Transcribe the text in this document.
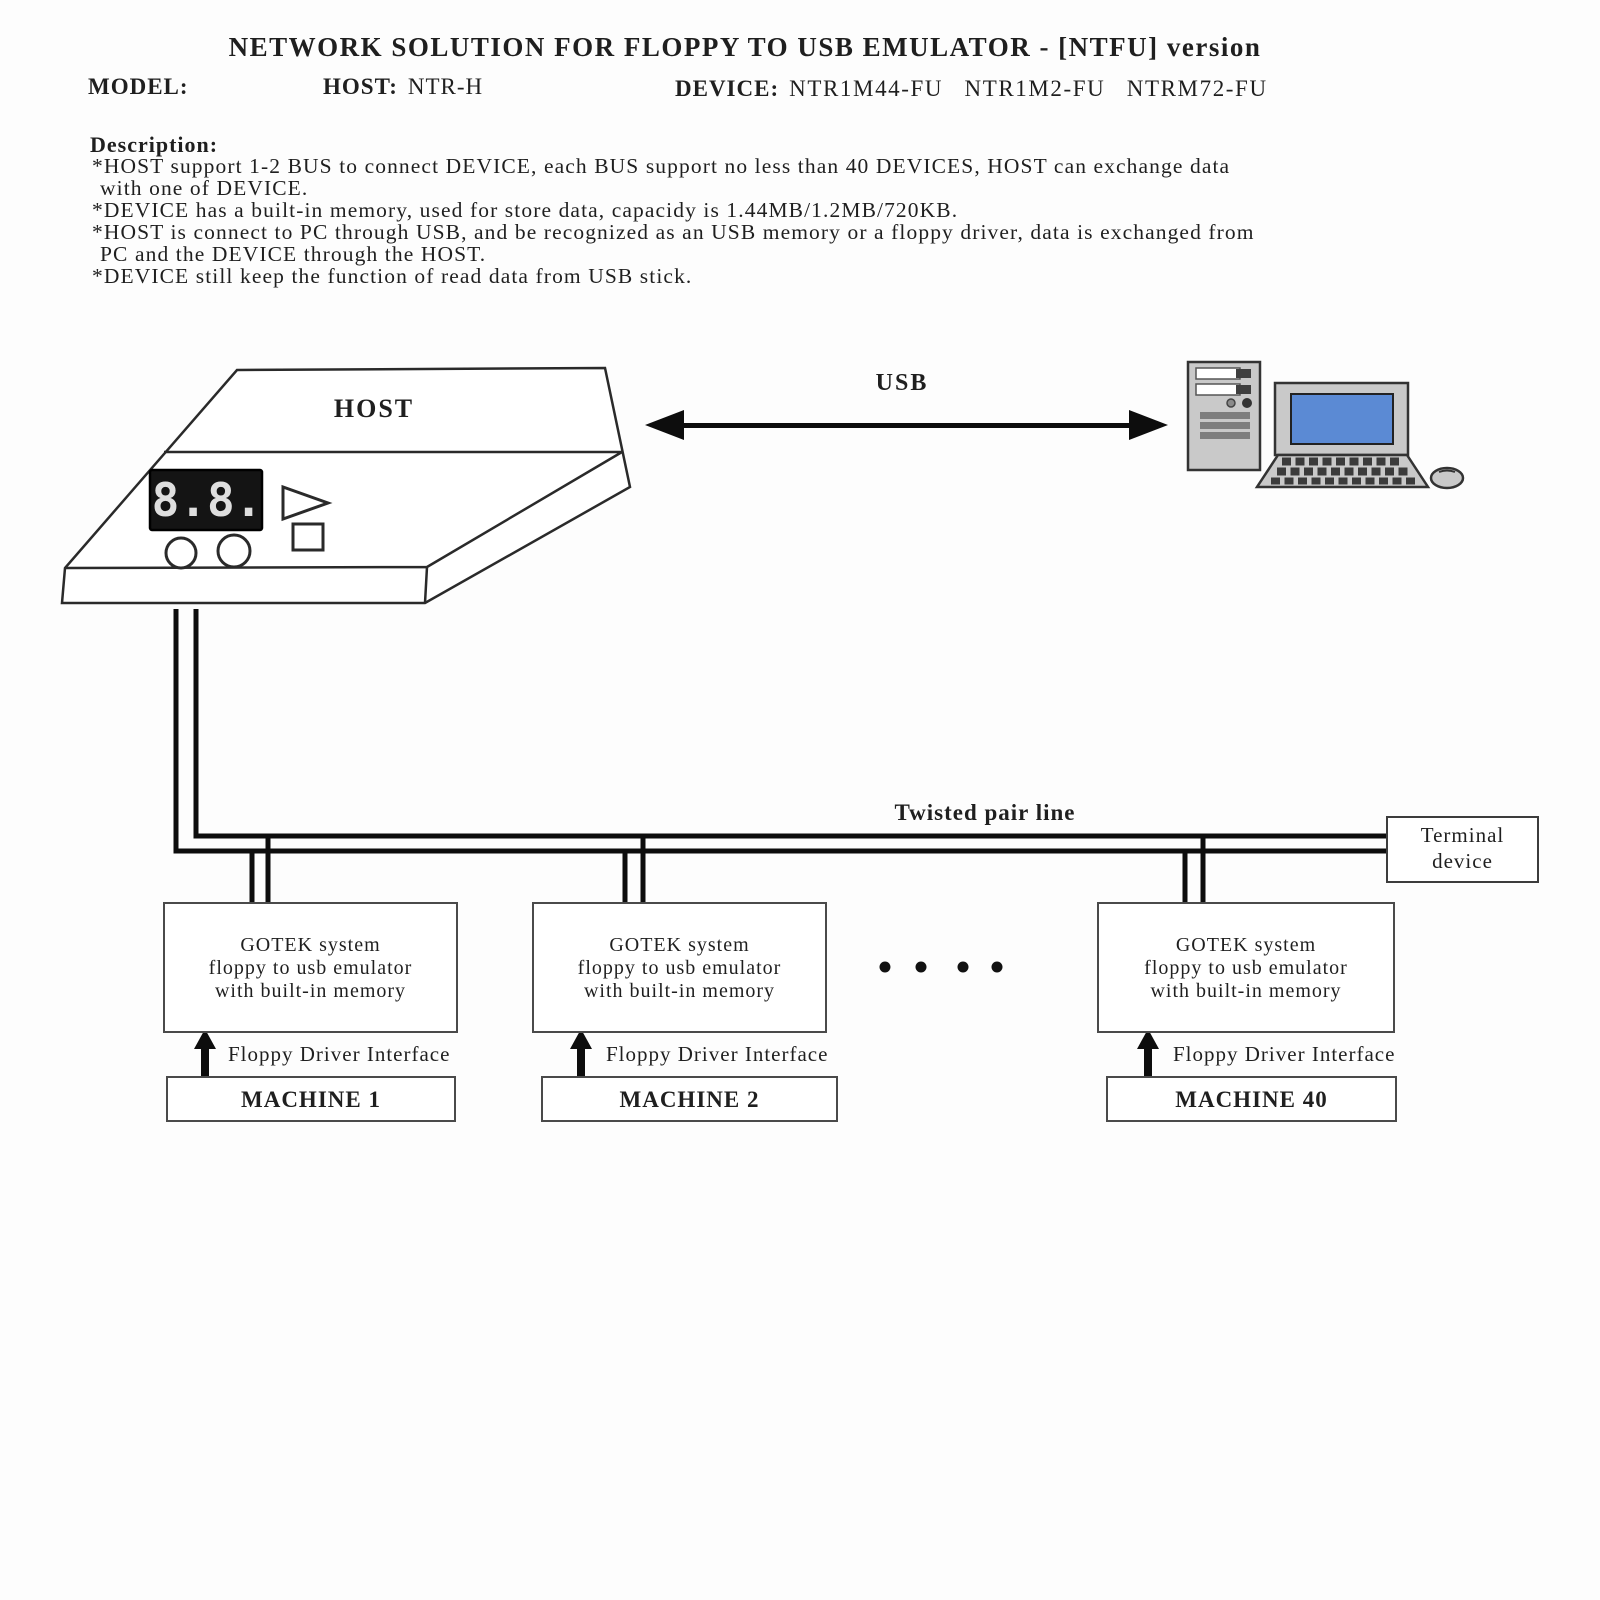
NETWORK SOLUTION FOR FLOPPY TO USB EMULATOR - [NTFU] version
MODEL:	HOST: NTR-H	DEVICE: NTR1M44-FU NTR1M2-FU NTRM72-FU
Description:
*HOST support 1-2 BUS to connect DEVICE, each BUS support no less than 40 DEVICES, HOST can exchange data
with one of DEVICE.
*DEVICE has a built-in memory, used for store data, capacidy is 1.44MB/1.2MB/720KB.
*HOST is connect to PC through USB, and be recognized as an USB memory or a floppy driver, data is exchanged from
PC and the DEVICE through the HOST.
*DEVICE still keep the function of read data from USB stick.
8.8.
HOST
USB
Twisted pair line
Terminal
device
GOTEK system
floppy to usb emulator
with built-in memory
GOTEK system
floppy to usb emulator
with built-in memory
GOTEK system
floppy to usb emulator
with built-in memory
Floppy Driver Interface	Floppy Driver Interface	Floppy Driver Interface
MACHINE 1	MACHINE 2	MACHINE 40
